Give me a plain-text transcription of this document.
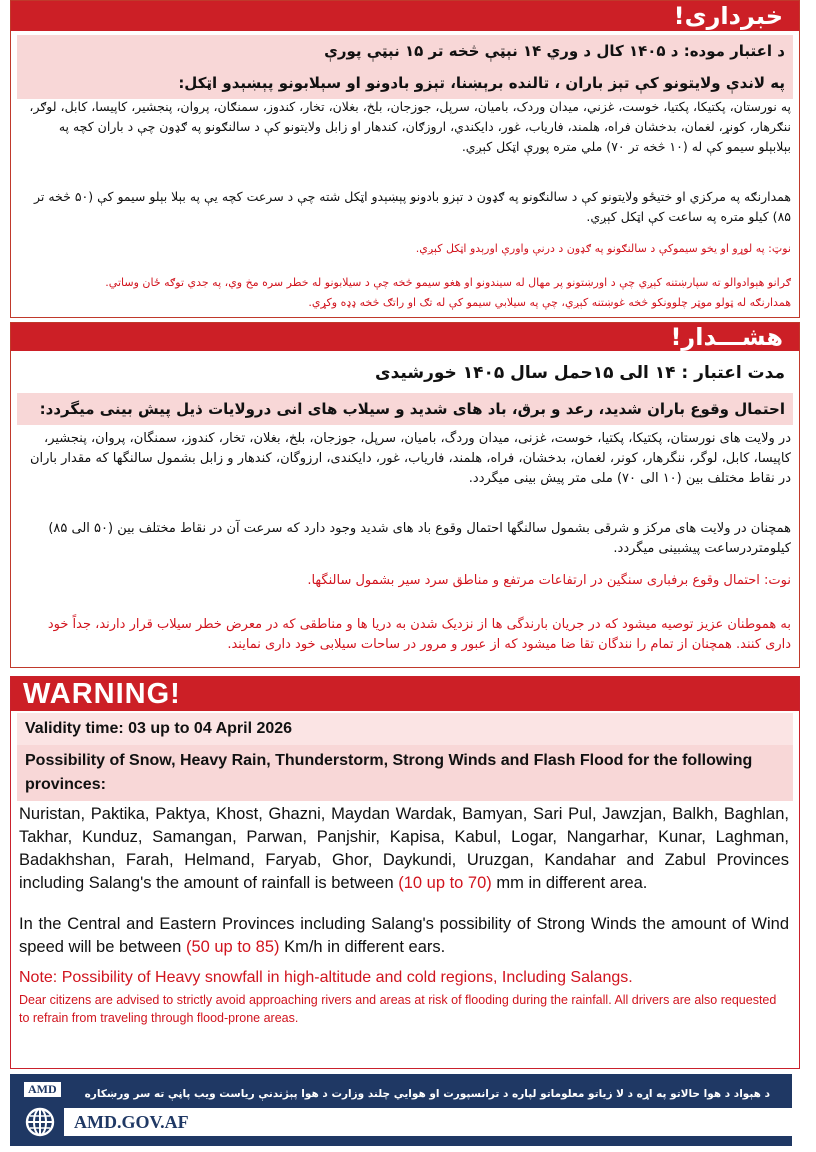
خبرداری!
د اعتبار موده: د ۱۴۰۵ کال د وري ۱۴ نېټې څخه تر ۱۵ نېټې پورې
په لاندې ولایتونو کې تېز باران ، تالنده برېښنا، تېزو بادونو او سېلابونو پېښېدو اټکل:

په نورستان، پکتیکا، پکتیا، خوست، غزني، میدان وردک، بامیان، سرپل، جوزجان، بلخ، بغلان، تخار، کندوز، سمنګان، پروان، پنجشیر، کاپیسا، کابل، لوګر، ننګرهار، کونړ، لغمان، بدخشان فراه، هلمند، فاریاب، غور، دایکندي، اروزګان، کندهار او زابل ولایتونو کې د سالنګونو په ګډون چې د باران کچه په بېلابېلو سیمو کې له (۱۰ څخه تر ۷۰) ملي متره پورې اټکل کېږي.

همدارنګه په مرکزي او ختیځو ولایتونو کې د سالنګونو په ګډون د تېزو بادونو پېښېدو اټکل شته چې د سرعت کچه یې په بېلا بېلو سیمو کې (۵۰ څخه تر ۸۵) کیلو متره په ساعت کې اټکل کېږي.

نوټ: په لوړو او یخو سیموکې د سالنګونو په ګډون د درنې واورې اورېدو اټکل کېږي.

ګرانو هېوادوالو ته سپارښتنه کېږي چې د اورښتونو پر مهال له سیندونو او هغو سیمو څخه چې د سیلابونو له خطر سره مخ وي، په جدي توګه ځان وساتي.

همدارنګه له ټولو موټر چلوونکو څخه غوښتنه کېږي، چې په سیلابي سیمو کې له تګ او راتګ څخه ډډه وکړي.

هشـــدار!
مدت اعتبار : ۱۴ الی ۱۵حمل سال ۱۴۰۵ خورشیدی
احتمال وقوع باران شدید، رعد و برق، باد های شدید و سیلاب های انی درولایات ذیل پیش بینی میگردد:

در ولایت های نورستان، پکتیکا، پکتیا، خوست، غزنی، میدان وردگ، بامیان، سرپل، جوزجان، بلخ، بغلان، تخار، کندوز، سمنگان، پروان، پنجشیر، کاپیسا، کابل، لوگر، ننگرهار، کونر، لغمان، بدخشان، فراه، هلمند، فاریاب، غور، دایکندی، ارزوگان، کندهار و زابل بشمول سالنگها که مقدار باران در نقاط مختلف بین (۱۰ الی ۷۰) ملی متر پیش بینی میگردد.

همچنان در ولایت های مرکز و شرقی بشمول سالنگها احتمال وقوع باد های شدید وجود دارد که سرعت آن در نقاط مختلف بین (۵۰ الی ۸۵) کیلومتردرساعت پیشبینی میگردد.

نوت: احتمال وقوع برفباری سنگین در ارتفاعات مرتفع و مناطق سرد سیر بشمول سالنگها.

به هموطنان عزیز توصیه میشود که در جریان بارندگی ها از نزدیک شدن به دریا ها و مناطقی که در معرض خطر سیلاب قرار دارند، جداً خود داری کنند. همچنان از تمام را نندگان تقا ضا میشود که از عبور و مرور در ساحات سیلابی خود داری نمایند.

WARNING!
Validity time: 03 up to 04 April 2026
Possibility of Snow, Heavy Rain, Thunderstorm, Strong Winds and Flash Flood for the following provinces:

Nuristan, Paktika, Paktya, Khost, Ghazni, Maydan Wardak, Bamyan, Sari Pul, Jawzjan, Balkh, Baghlan, Takhar, Kunduz, Samangan, Parwan, Panjshir, Kapisa, Kabul, Logar, Nangarhar, Kunar, Laghman, Badakhshan, Farah, Helmand, Faryab, Ghor, Daykundi, Uruzgan, Kandahar and Zabul Provinces including Salang's the amount of rainfall is between (10 up to 70) mm in different area.

In the Central and Eastern Provinces including Salang's possibility of Strong Winds the amount of Wind speed will be between (50 up to 85) Km/h in different ears.

Note: Possibility of Heavy snowfall in high-altitude and cold regions, Including Salangs.

Dear citizens are advised to strictly avoid approaching rivers and areas at risk of flooding during the rainfall. All drivers are also requested to refrain from traveling through flood-prone areas.

AMD	د هېواد د هوا حالاتو په اړه د لا زیاتو معلوماتو لپاره د ترانسپورت او هوايي چلند وزارت د هوا پېژندنې ریاست ویب پاڼې ته سر ورښکاره
AMD.GOV.AF
